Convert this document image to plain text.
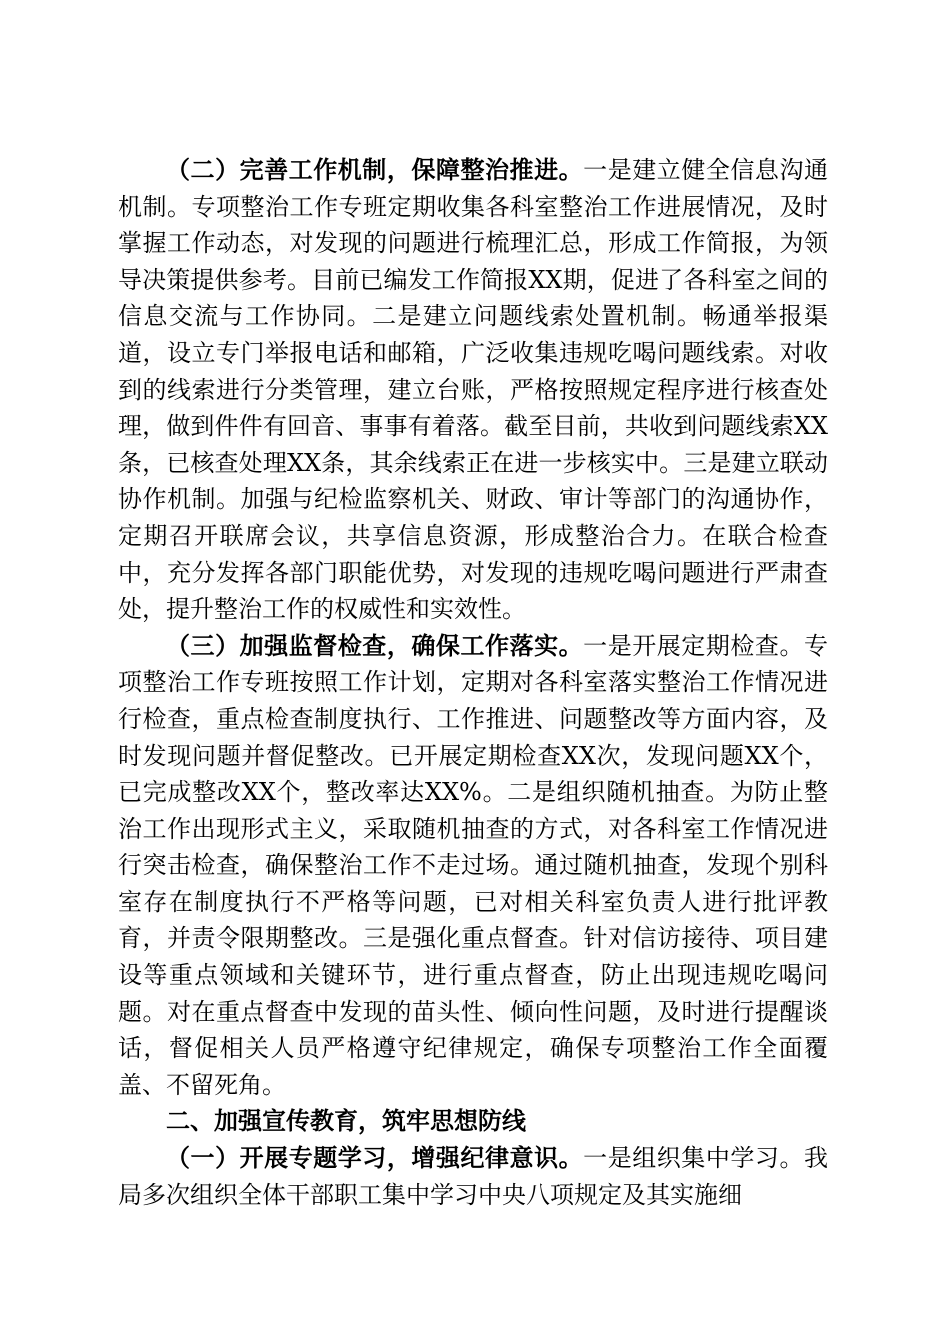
（二）完善工作机制，保障整治推进。一是建立健全信息沟通机制。专项整治工作专班定期收集各科室整治工作进展情况，及时掌握工作动态，对发现的问题进行梳理汇总，形成工作简报，为领导决策提供参考。目前已编发工作简报XX期，促进了各科室之间的信息交流与工作协同。二是建立问题线索处置机制。畅通举报渠道，设立专门举报电话和邮箱，广泛收集违规吃喝问题线索。对收到的线索进行分类管理，建立台账，严格按照规定程序进行核查处理，做到件件有回音、事事有着落。截至目前，共收到问题线索XX条，已核查处理XX条，其余线索正在进一步核实中。三是建立联动协作机制。加强与纪检监察机关、财政、审计等部门的沟通协作，定期召开联席会议，共享信息资源，形成整治合力。在联合检查中，充分发挥各部门职能优势，对发现的违规吃喝问题进行严肃查处，提升整治工作的权威性和实效性。

（三）加强监督检查，确保工作落实。一是开展定期检查。专项整治工作专班按照工作计划，定期对各科室落实整治工作情况进行检查，重点检查制度执行、工作推进、问题整改等方面内容，及时发现问题并督促整改。已开展定期检查XX次，发现问题XX个，已完成整改XX个，整改率达XX%。二是组织随机抽查。为防止整治工作出现形式主义，采取随机抽查的方式，对各科室工作情况进行突击检查，确保整治工作不走过场。通过随机抽查，发现个别科室存在制度执行不严格等问题，已对相关科室负责人进行批评教育，并责令限期整改。三是强化重点督查。针对信访接待、项目建设等重点领域和关键环节，进行重点督查，防止出现违规吃喝问题。对在重点督查中发现的苗头性、倾向性问题，及时进行提醒谈话，督促相关人员严格遵守纪律规定，确保专项整治工作全面覆盖、不留死角。

二、加强宣传教育，筑牢思想防线

（一）开展专题学习，增强纪律意识。一是组织集中学习。我局多次组织全体干部职工集中学习中央八项规定及其实施细
